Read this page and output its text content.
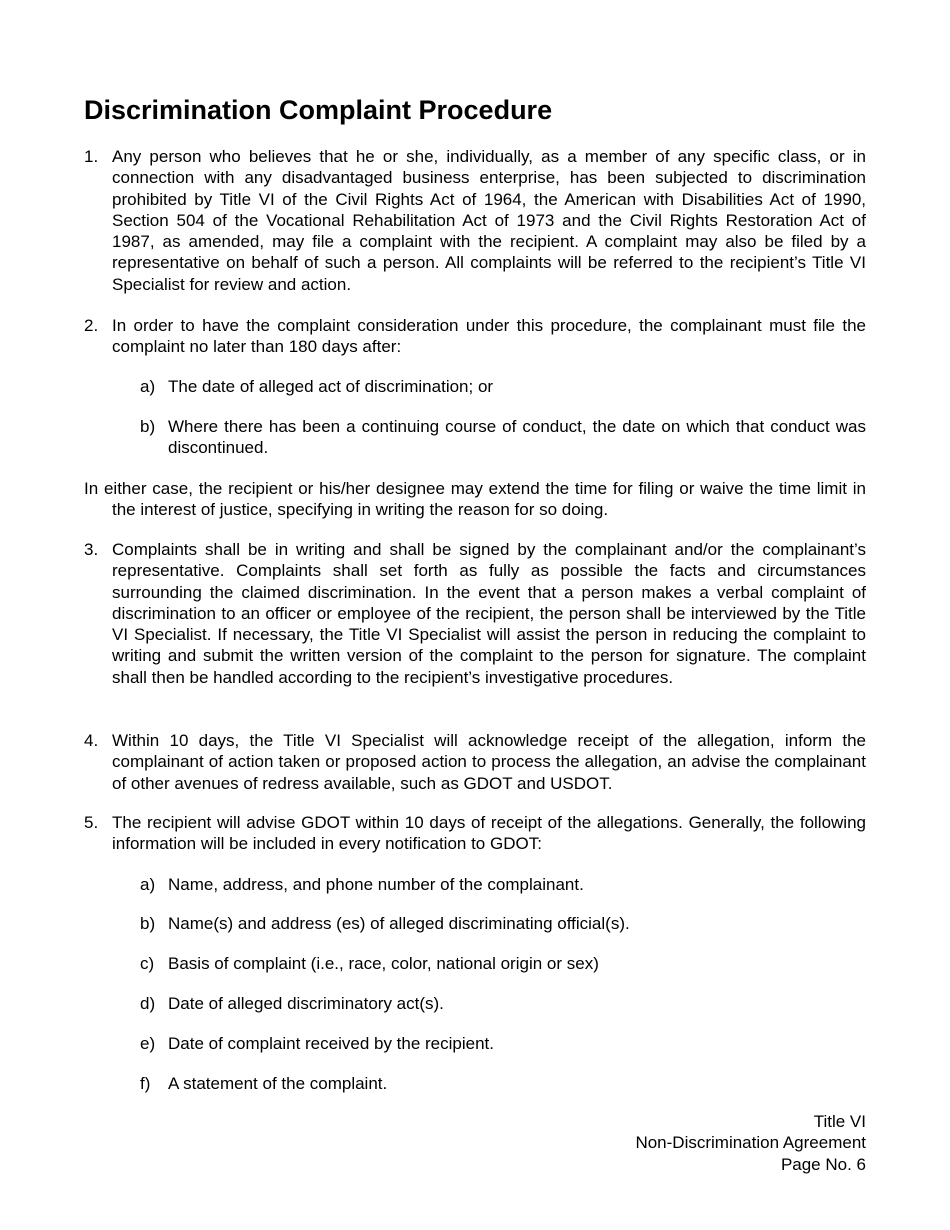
Discrimination Complaint Procedure
1. Any person who believes that he or she, individually, as a member of any specific class, or in connection with any disadvantaged business enterprise, has been subjected to discrimination prohibited by Title VI of the Civil Rights Act of 1964, the American with Disabilities Act of 1990, Section 504 of the Vocational Rehabilitation Act of 1973 and the Civil Rights Restoration Act of 1987, as amended, may file a complaint with the recipient. A complaint may also be filed by a representative on behalf of such a person. All complaints will be referred to the recipient’s Title VI Specialist for review and action.
2. In order to have the complaint consideration under this procedure, the complainant must file the complaint no later than 180 days after:
a) The date of alleged act of discrimination; or
b) Where there has been a continuing course of conduct, the date on which that conduct was discontinued.
In either case, the recipient or his/her designee may extend the time for filing or waive the time limit in the interest of justice, specifying in writing the reason for so doing.
3. Complaints shall be in writing and shall be signed by the complainant and/or the complainant’s representative. Complaints shall set forth as fully as possible the facts and circumstances surrounding the claimed discrimination. In the event that a person makes a verbal complaint of discrimination to an officer or employee of the recipient, the person shall be interviewed by the Title VI Specialist. If necessary, the Title VI Specialist will assist the person in reducing the complaint to writing and submit the written version of the complaint to the person for signature. The complaint shall then be handled according to the recipient’s investigative procedures.
4. Within 10 days, the Title VI Specialist will acknowledge receipt of the allegation, inform the complainant of action taken or proposed action to process the allegation, an advise the complainant of other avenues of redress available, such as GDOT and USDOT.
5. The recipient will advise GDOT within 10 days of receipt of the allegations. Generally, the following information will be included in every notification to GDOT:
a) Name, address, and phone number of the complainant.
b) Name(s) and address (es) of alleged discriminating official(s).
c) Basis of complaint (i.e., race, color, national origin or sex)
d) Date of alleged discriminatory act(s).
e) Date of complaint received by the recipient.
f) A statement of the complaint.
Title VI
Non-Discrimination Agreement
Page No. 6
